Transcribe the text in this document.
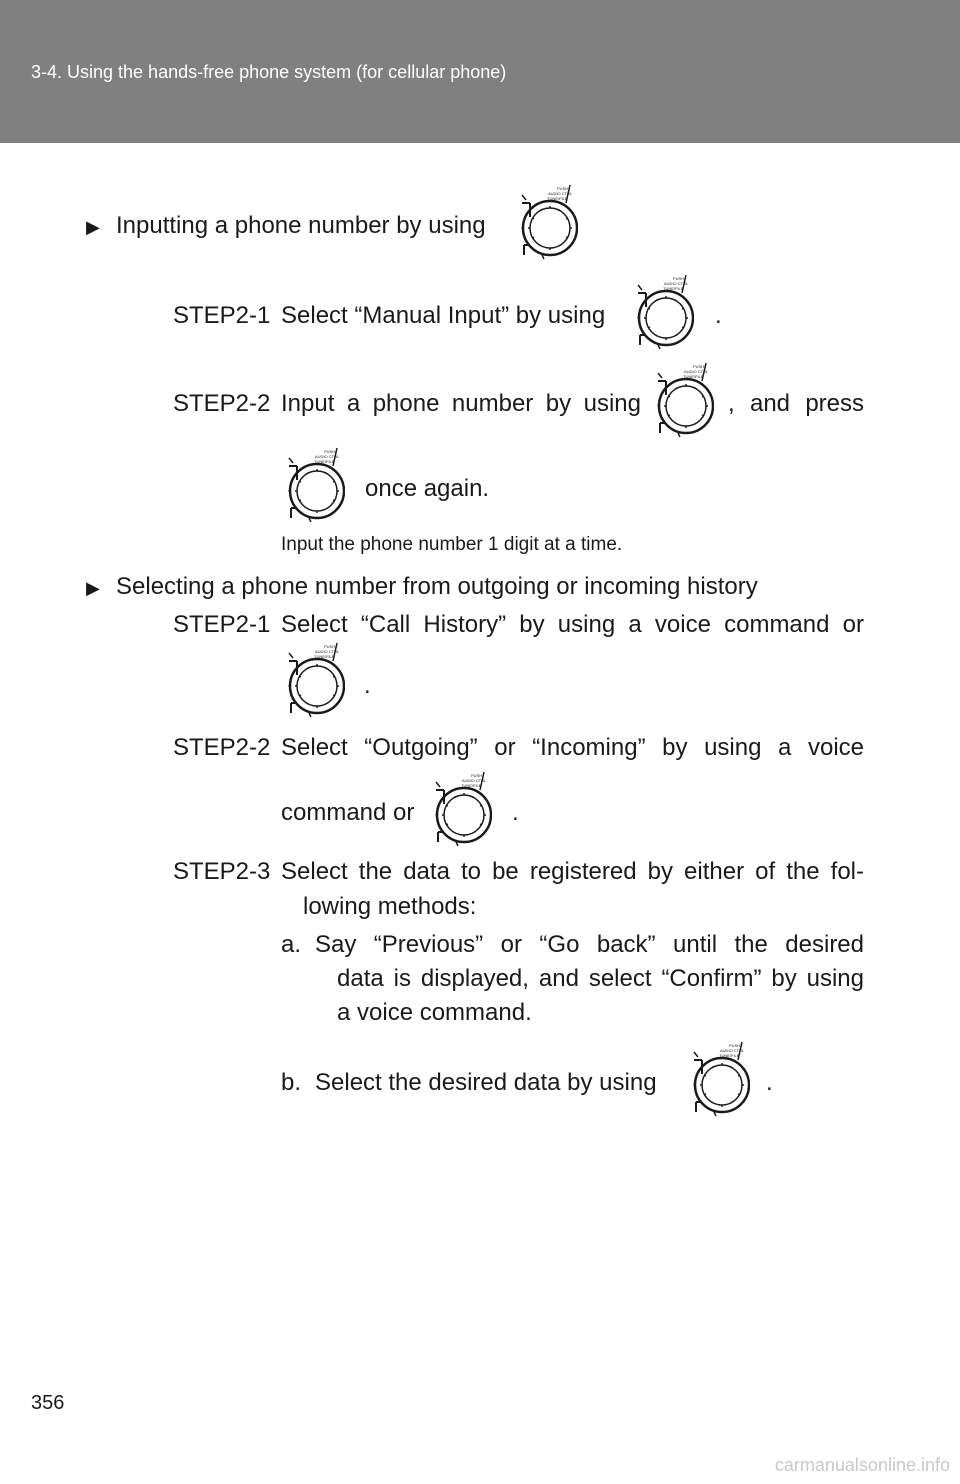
3-4. Using the hands-free phone system (for cellular phone)
▶ Inputting a phone number by using
STEP2-1 Select “Manual Input” by using	.
STEP2-2 Input a phone number by using	, and press
once again.
Input the phone number 1 digit at a time.
▶ Selecting a phone number from outgoing or incoming history
STEP2-1 Select “Call History” by using a voice command or
.
STEP2-2 Select “Outgoing” or “Incoming” by using a voice
command or	.
STEP2-3 Select the data to be registered by either of the fol-
lowing methods:
a. Say “Previous” or “Go back” until the desired
data is displayed, and select “Confirm” by using
a voice command.
b. Select the desired data by using	.
356
carmanualsonline.info
